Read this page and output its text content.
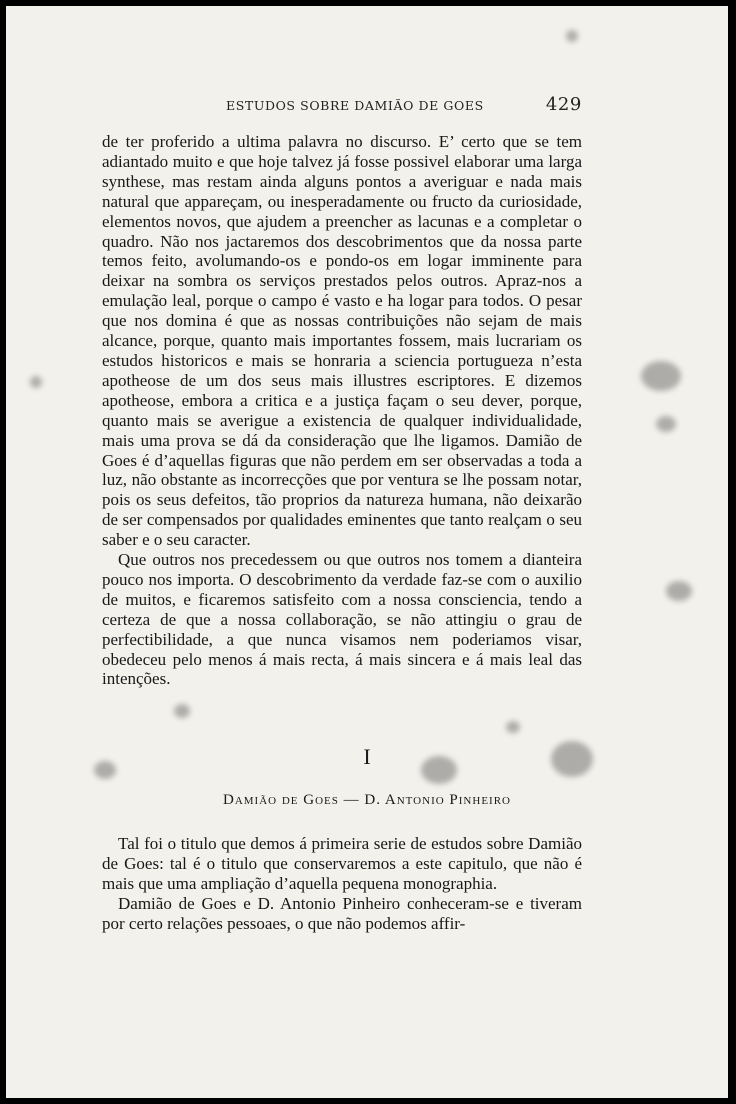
ESTUDOS SOBRE DAMIÃO DE GOES	429

de ter proferido a ultima palavra no discurso. E’ certo que se tem adiantado muito e que hoje talvez já fosse possivel elaborar uma larga synthese, mas restam ainda alguns pontos a averiguar e nada mais natural que appareçam, ou inesperadamente ou fructo da curiosidade, elementos novos, que ajudem a preencher as lacunas e a completar o quadro. Não nos jactaremos dos descobrimentos que da nossa parte temos feito, avolumando-os e pondo-os em logar imminente para deixar na sombra os serviços prestados pelos outros. Apraz-nos a emulação leal, porque o campo é vasto e ha logar para todos. O pesar que nos domina é que as nossas contribuições não sejam de mais alcance, porque, quanto mais importantes fossem, mais lucrariam os estudos historicos e mais se honraria a sciencia portugueza n’esta apotheose de um dos seus mais illustres escriptores. E dizemos apotheose, embora a critica e a justiça façam o seu dever, porque, quanto mais se averigue a existencia de qualquer individualidade, mais uma prova se dá da consideração que lhe ligamos. Damião de Goes é d’aquellas figuras que não perdem em ser observadas a toda a luz, não obstante as incorrecções que por ventura se lhe possam notar, pois os seus defeitos, tão proprios da natureza humana, não deixarão de ser compensados por qualidades eminentes que tanto realçam o seu saber e o seu caracter.

Que outros nos precedessem ou que outros nos tomem a dianteira pouco nos importa. O descobrimento da verdade faz-se com o auxilio de muitos, e ficaremos satisfeito com a nossa consciencia, tendo a certeza de que a nossa collaboração, se não attingiu o grau de perfectibilidade, a que nunca visamos nem poderiamos visar, obedeceu pelo menos á mais recta, á mais sincera e á mais leal das intenções.

I
Damião de Goes — D. Antonio Pinheiro

Tal foi o titulo que demos á primeira serie de estudos sobre Damião de Goes: tal é o titulo que conservaremos a este capitulo, que não é mais que uma ampliação d’aquella pequena monographia.

Damião de Goes e D. Antonio Pinheiro conheceram-se e tiveram por certo relações pessoaes, o que não podemos affir-
